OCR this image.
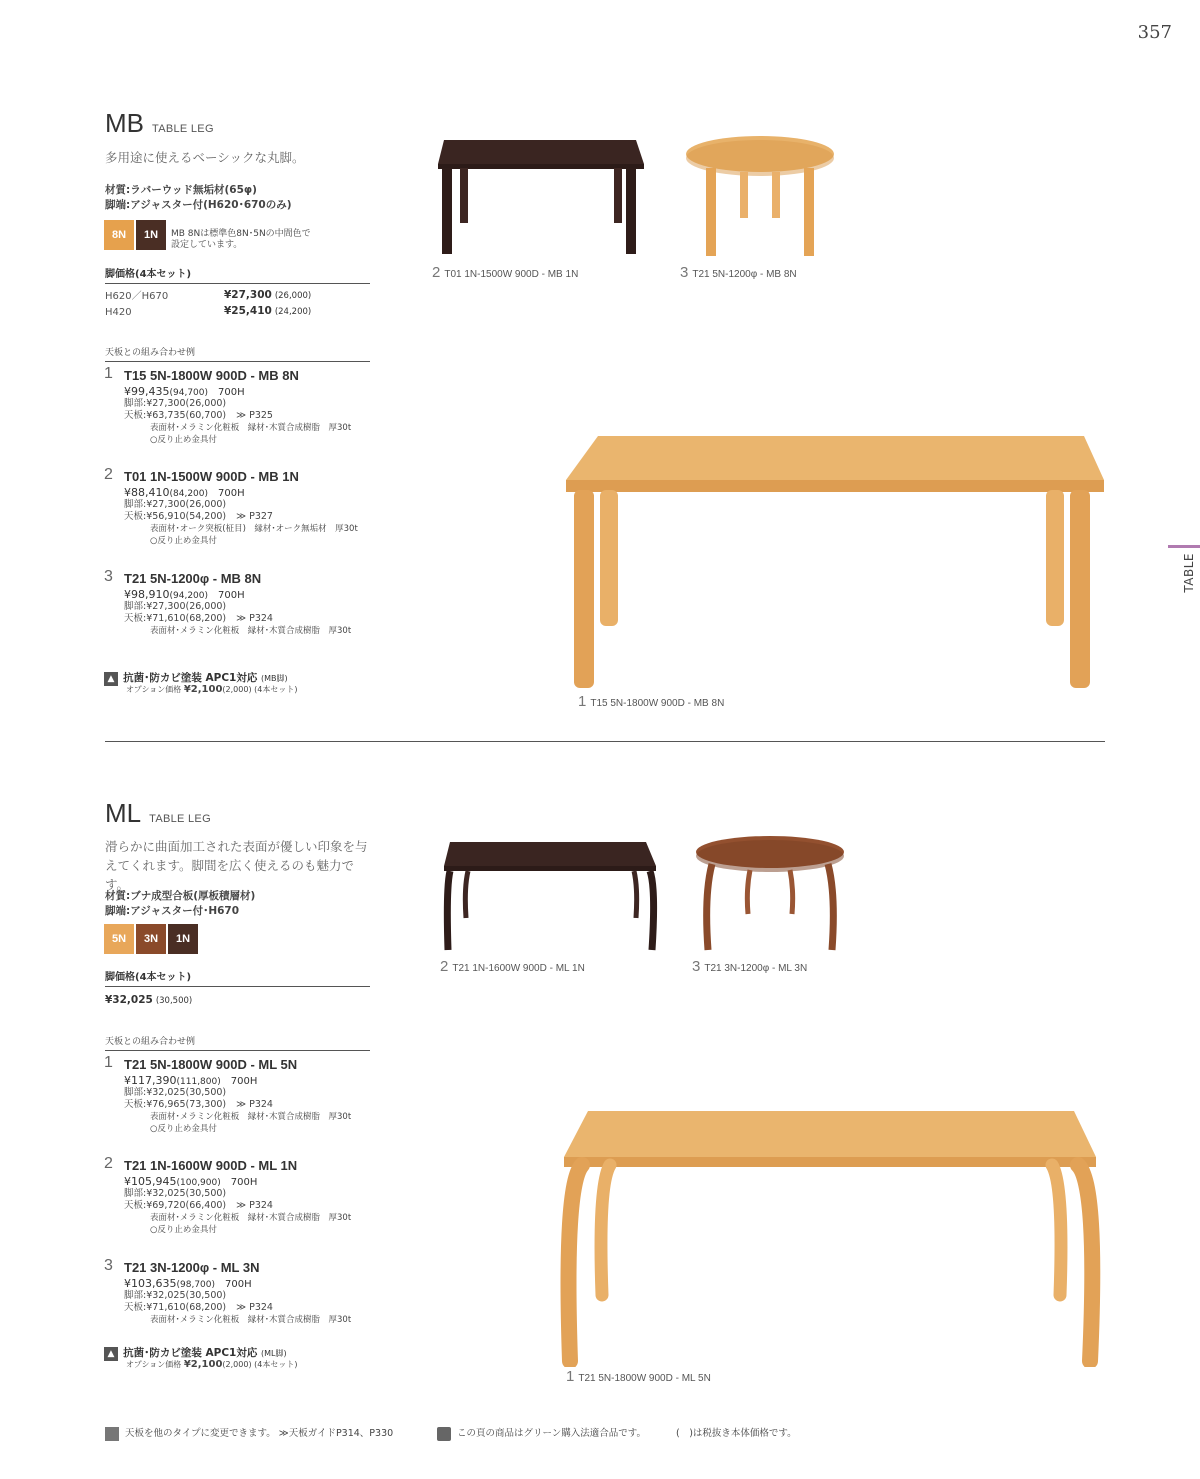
357
TABLE
MB TABLE LEG
多用途に使えるベーシックな丸脚。
材質:ラバーウッド無垢材(65φ)
脚端:アジャスター付(H620･670のみ)
8N	1N	MB 8Nは標準色8N･5Nの中間色で
設定しています。
脚価格(4本セット)
H620／H670	¥27,300 (26,000)
H420	¥25,410 (24,200)
天板との組み合わせ例
1 T15 5N-1800W 900D - MB 8N
¥99,435(94,700) 700H
脚部:¥27,300(26,000)
天板:¥63,735(60,700) ≫ P325
表面材･メラミン化粧板　縁材･木質合成樹脂　厚30t
○反り止め金具付
2 T01 1N-1500W 900D - MB 1N
¥88,410(84,200) 700H
脚部:¥27,300(26,000)
天板:¥56,910(54,200) ≫ P327
表面材･オーク突板(柾目)　縁材･オーク無垢材　厚30t
○反り止め金具付
3 T21 5N-1200φ - MB 8N
¥98,910(94,200) 700H
脚部:¥27,300(26,000)
天板:¥71,610(68,200) ≫ P324
表面材･メラミン化粧板　縁材･木質合成樹脂　厚30t
▲ 抗菌･防カビ塗装 APC1対応 (MB脚)
オプション価格 ¥2,100(2,000) (4本セット)
2 T01 1N-1500W 900D - MB 1N	3 T21 5N-1200φ - MB 8N
1 T15 5N-1800W 900D - MB 8N
ML TABLE LEG
滑らかに曲面加工された表面が優しい印象を与
えてくれます。脚間を広く使えるのも魅力です。
材質:ブナ成型合板(厚板積層材)
脚端:アジャスター付･H670
5N	3N	1N
脚価格(4本セット)
¥32,025 (30,500)
天板との組み合わせ例
1 T21 5N-1800W 900D - ML 5N
¥117,390(111,800) 700H
脚部:¥32,025(30,500)
天板:¥76,965(73,300) ≫ P324
表面材･メラミン化粧板　縁材･木質合成樹脂　厚30t
○反り止め金具付
2 T21 1N-1600W 900D - ML 1N
¥105,945(100,900) 700H
脚部:¥32,025(30,500)
天板:¥69,720(66,400) ≫ P324
表面材･メラミン化粧板　縁材･木質合成樹脂　厚30t
○反り止め金具付
3 T21 3N-1200φ - ML 3N
¥103,635(98,700) 700H
脚部:¥32,025(30,500)
天板:¥71,610(68,200) ≫ P324
表面材･メラミン化粧板　縁材･木質合成樹脂　厚30t
▲ 抗菌･防カビ塗装 APC1対応 (ML脚)
オプション価格 ¥2,100(2,000) (4本セット)
2 T21 1N-1600W 900D - ML 1N	3 T21 3N-1200φ - ML 3N
1 T21 5N-1800W 900D - ML 5N
天板を他のタイプに変更できます。 ≫天板ガイドP314、P330	この頁の商品はグリーン購入法適合品です。	(　)は税抜き本体価格です。
